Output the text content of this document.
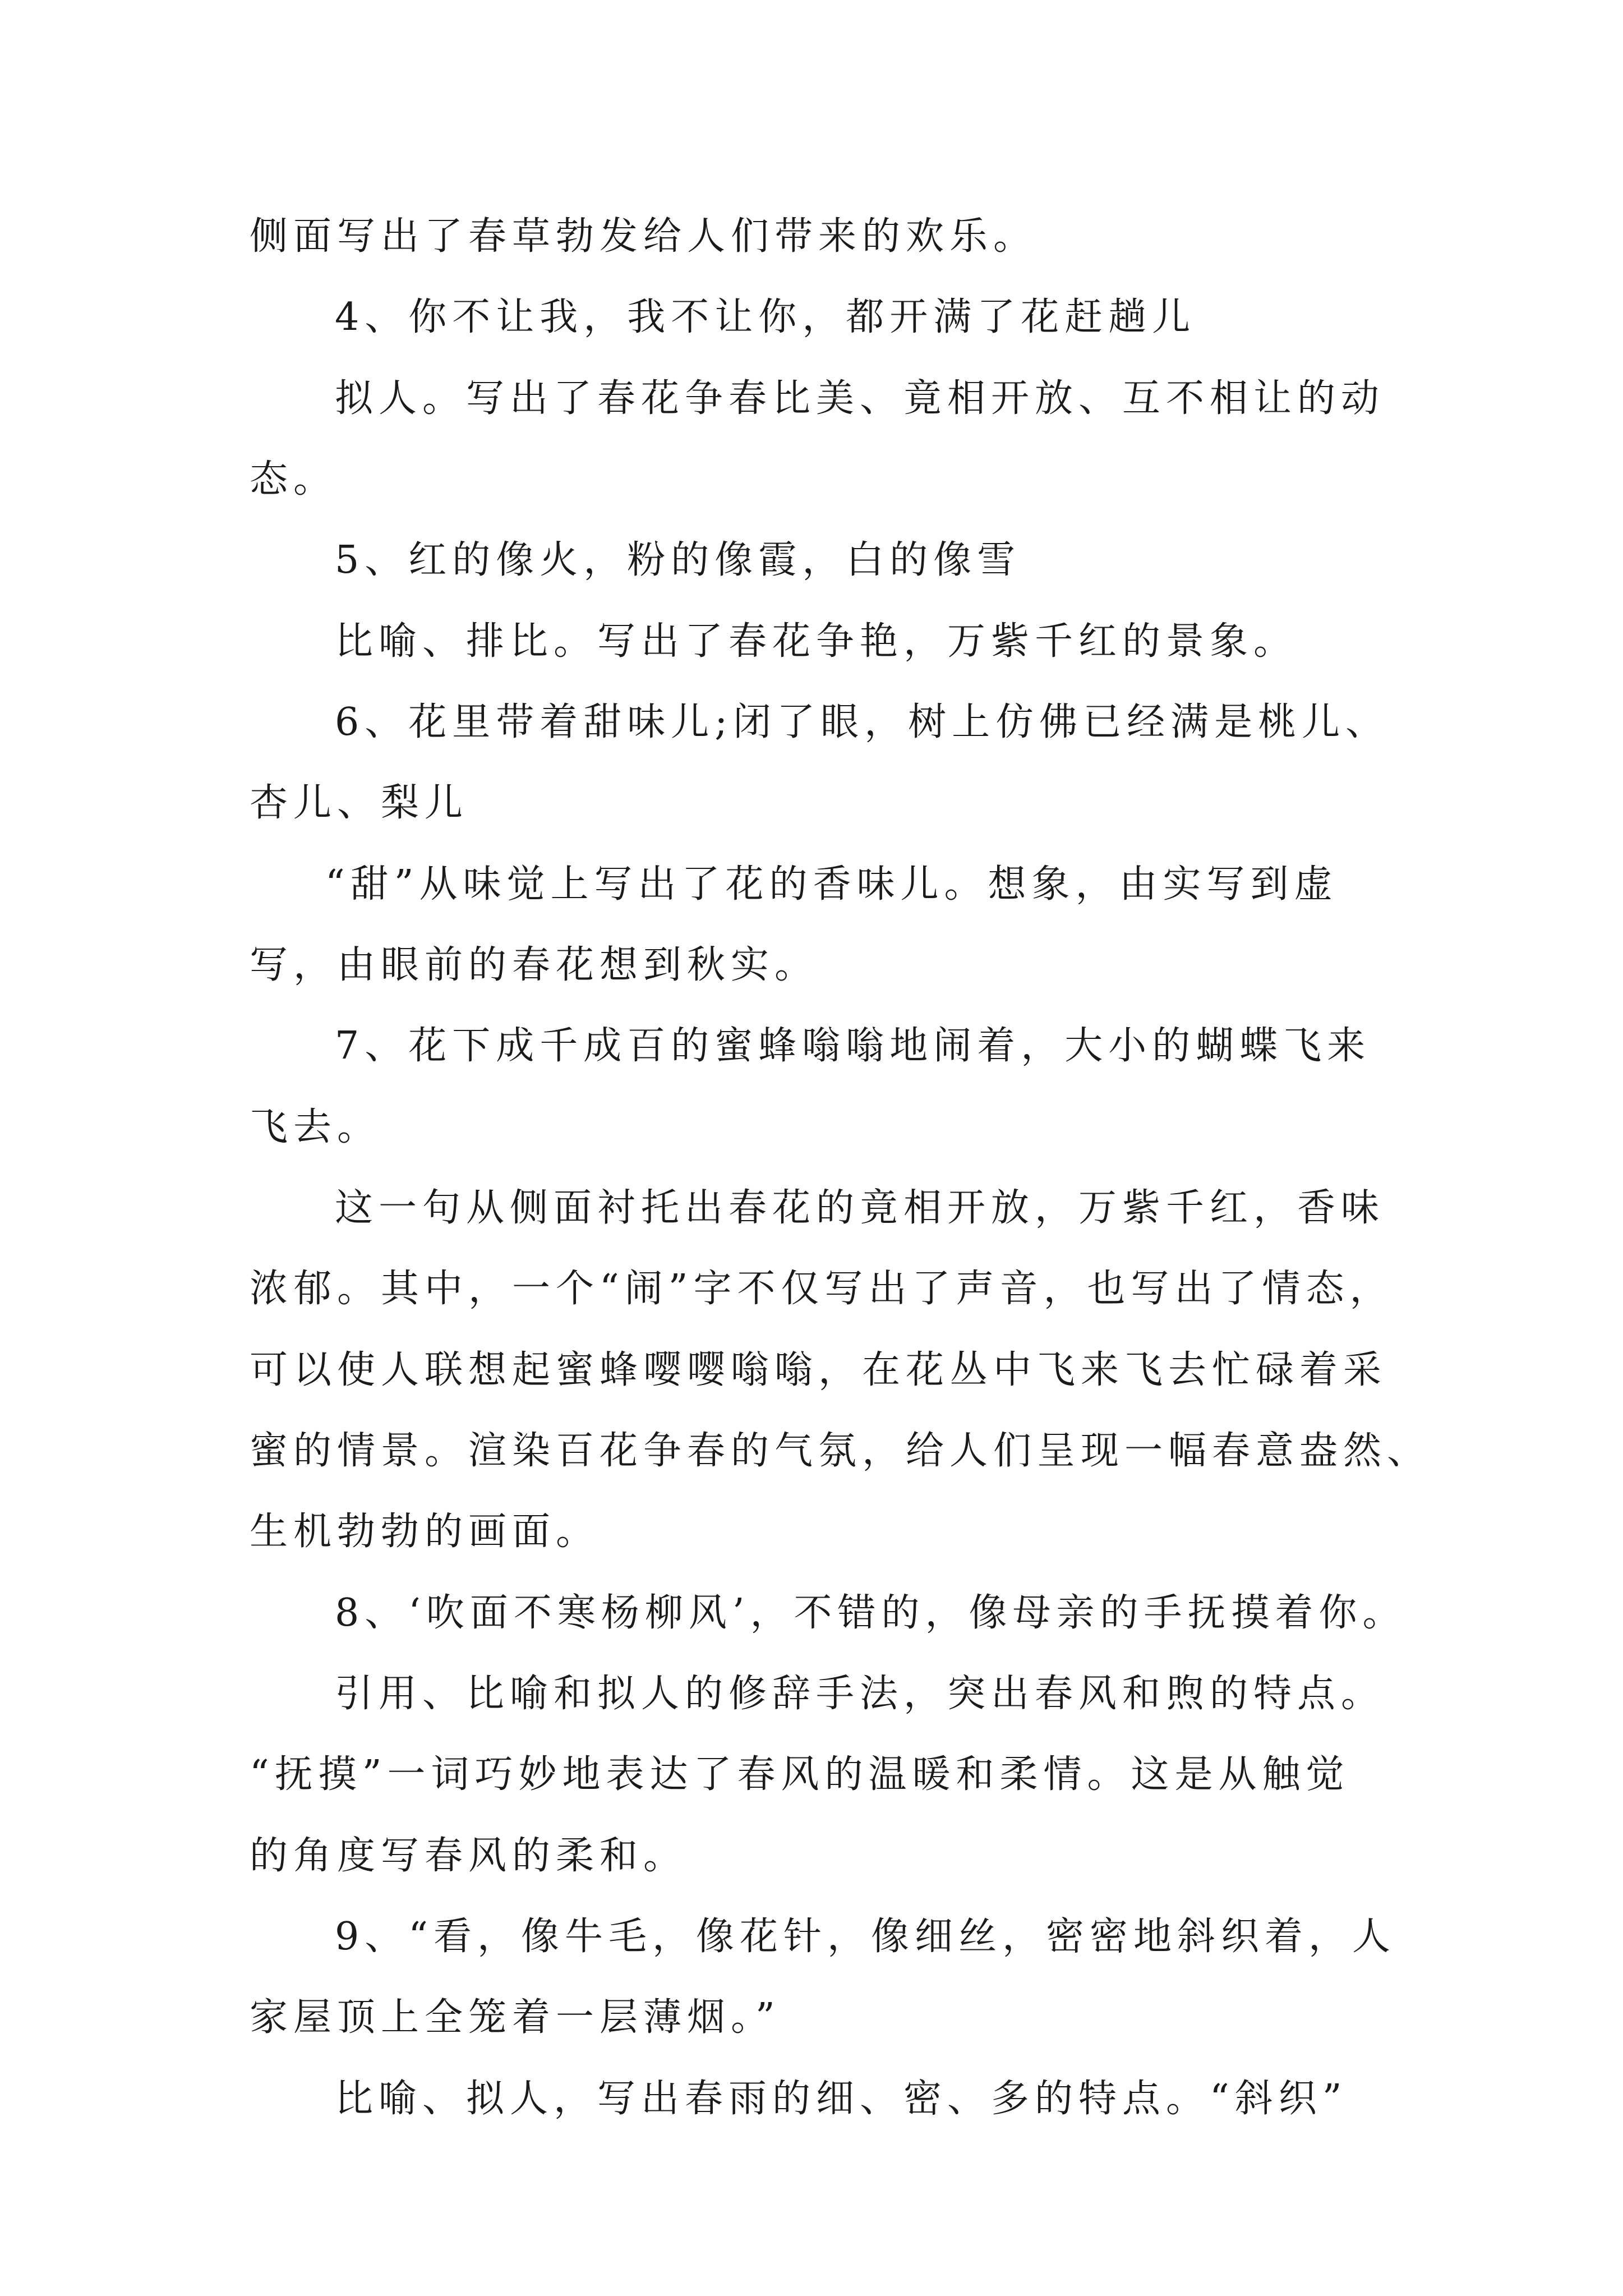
侧面写出了春草勃发给人们带来的欢乐。
4、你不让我，我不让你，都开满了花赶趟儿
拟人。写出了春花争春比美、竟相开放、互不相让的动
态。
5、红的像火，粉的像霞，白的像雪
比喻、排比。写出了春花争艳，万紫千红的景象。
6、花里带着甜味儿;闭了眼，树上仿佛已经满是桃儿、
杏儿、梨儿
“甜”从味觉上写出了花的香味儿。想象，由实写到虚
写，由眼前的春花想到秋实。
7、花下成千成百的蜜蜂嗡嗡地闹着，大小的蝴蝶飞来
飞去。
这一句从侧面衬托出春花的竟相开放，万紫千红，香味
浓郁。其中，一个“闹”字不仅写出了声音，也写出了情态，
可以使人联想起蜜蜂嘤嘤嗡嗡，在花丛中飞来飞去忙碌着采
蜜的情景。渲染百花争春的气氛，给人们呈现一幅春意盎然、
生机勃勃的画面。
8、‘吹面不寒杨柳风’，不错的，像母亲的手抚摸着你。
引用、比喻和拟人的修辞手法，突出春风和煦的特点。
“抚摸”一词巧妙地表达了春风的温暖和柔情。这是从触觉
的角度写春风的柔和。
9、“看，像牛毛，像花针，像细丝，密密地斜织着，人
家屋顶上全笼着一层薄烟。”
比喻、拟人，写出春雨的细、密、多的特点。“斜织”
